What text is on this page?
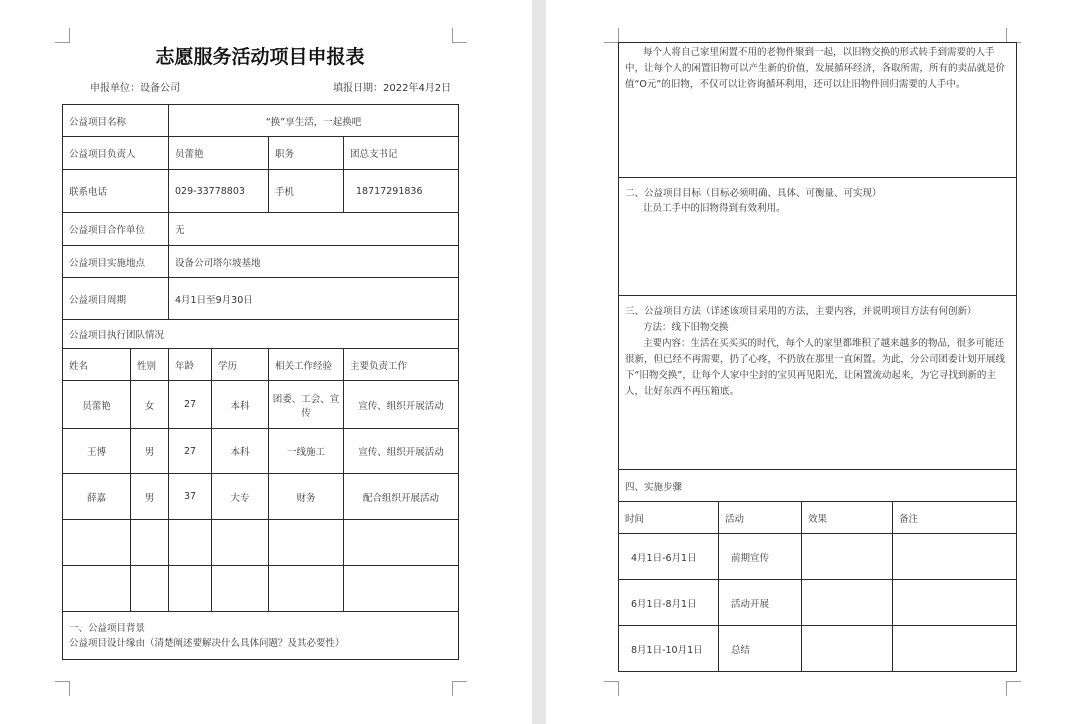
志愿服务活动项目申报表
申报单位：设备公司	填报日期：2022年4月2日
公益项目名称		“换”享生活，一起换吧			
公益项目负责人		员蕾艳		职务	团总支书记
联系电话		029-33778803		手机	18717291836
公益项目合作单位		无			
公益项目实施地点		设备公司塔尔坡基地			
公益项目周期		4月1日至9月30日			
公益项目执行团队情况					
姓名	性别	年龄	学历	相关工作经验	主要负责工作
员蕾艳	女	27	本科	团委、工会、宣传	宣传、组织开展活动
王博	男	27	本科	一线施工	宣传、组织开展活动
薛嘉	男	37	大专	财务	配合组织开展活动

一、公益项目背景

公益项目设计缘由（清楚阐述要解决什么具体问题？及其必要性）					

每个人将自己家里闲置不用的老物件聚到一起，以旧物交换的形式转手到需要的人手中，让每个人的闲置旧物可以产生新的价值，发展循环经济，各取所需，所有的卖品就是价值“O元”的旧物，不仅可以让咨询循环利用，还可以让旧物件回归需要的人手中。			

二、公益项目目标（目标必须明确、具体、可衡量、可实现）

让员工手中的旧物得到有效利用。			

三、公益项目方法（详述该项目采用的方法，主要内容，并说明项目方法有何创新）

方法：线下旧物交换

主要内容：生活在买买买的时代，每个人的家里都堆积了越来越多的物品，很多可能还很新，但已经不再需要，扔了心疼，不扔放在那里一直闲置。为此，分公司团委计划开展线下“旧物交换”，让每个人家中尘封的宝贝再见阳光，让闲置流动起来，为它寻找到新的主人，让好东西不再压箱底。			

四、实施步骤			
时间	活动	效果	备注
4月1日-6月1日	前期宣传		
6月1日-8月1日	活动开展		
8月1日-10月1日	总结		
